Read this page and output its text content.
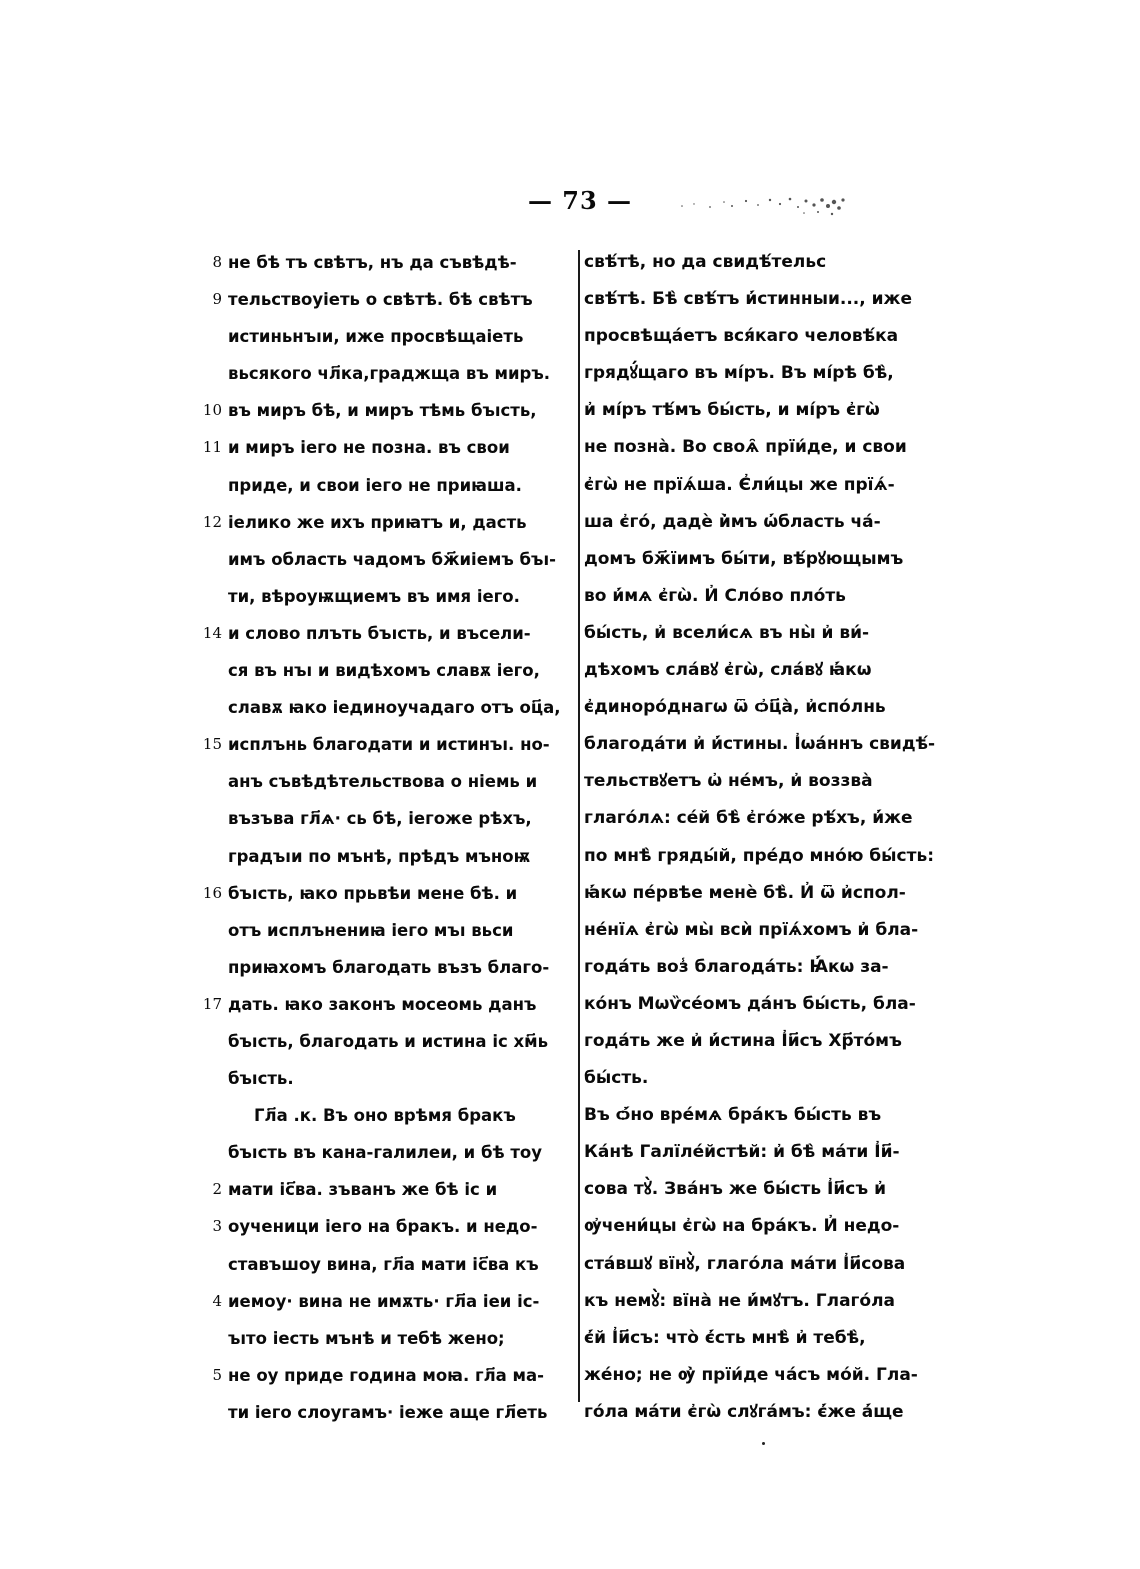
— 73 —
8 не бѣ тъ свѣтъ, нъ да съвѣдѣ-
9 тельствоуіеть о свѣтѣ. бѣ свѣтъ
истиньнъıи, иже просвѣщаіеть
вьсякого чл҃ка,граджща въ миръ.
10 въ миръ бѣ, и миръ тѣмь бъıсть,
11 и миръ іего не позна. въ свои
приде, и свои іего не приꙗша.
12 іелико же ихъ приꙗтъ и, дасть
имъ область чадомъ бж҃иіемъ бъı-
ти, вѣроуѭщиемъ въ имя іего.
14 и слово плъть бъıсть, и въсели-
ся въ нъı и видѣхомъ славѫ іего,
славѫ ꙗко іединоучадаго отъ оц҃а,
15 исплънь благодати и истинъı. но-
анъ съвѣдѣтельствова о ніемь и
възъва гл҃ѧ· сь бѣ, іегоже рѣхъ,
градъıи по мънѣ, прѣдъ мъноѭ
16 бъıсть, ꙗко прьвѣи мене бѣ. и
отъ исплънениꙗ іего мъı вьси
приꙗхомъ благодать възъ благо-
17 дать. ꙗко законъ мосеомь данъ
бъıсть, благодать и истина іс хм҃ь
бъıсть.
Гл҃а .к. Въ оно врѣмя бракъ
бъıсть въ кана-галилеи, и бѣ тоу
2 мати іс҃ва. зъванъ же бѣ іс и
3 оученици іего на бракъ. и недо-
ставъшоу вина, гл҃а мати іс҃ва къ
4 иемоу· вина не имѫть· гл҃а іеи іс-
ъıто іесть мънѣ и тебѣ жено;
5 не оу приде година моꙗ. гл҃а ма-
ти іего слоугамъ· іеже аще гл҃еть
свѣ́тѣ, но да свидѣ́тельс
свѣ́тѣ. Бѣ̀ свѣ́тъ и҆́стинныи..., иже
просвѣща́етъ вся́каго человѣ́ка
грядꙋ́щаго въ мі́ръ. Въ мі́рѣ бѣ̀,
и҆ мі́ръ тѣ́мъ бы́сть, и мі́ръ є҆гѡ̀
не позна̀. Во своѧ̑ прїи́де, и свои
є҆гѡ̀ не прїѧ́ша. Є҆ли́цы же прїѧ́-
ша є҆го́, дадѐ и҆̀мъ ѡ҆́бласть ча́-
домъ бж҃їимъ бы́ти, вѣ́рꙋющымъ
во и҆́мѧ є҆гѡ̀. И҆ Сло́во пло́ть
бы́сть, и҆ всели́сѧ въ ны̀ и҆ ви́-
дѣхомъ сла́вꙋ є҆гѡ̀, сла́вꙋ ꙗ҆́кѡ
є҆диноро́днагѡ ѿ ѻ҆ц҃а̀, и҆спо́лнь
благода́ти и҆ и҆́стины. І҆ѡа́ннъ свидѣ́-
тельствꙋетъ ѡ҆ не́мъ, и҆ воззва̀
глаго́лѧ: се́й бѣ̀ є҆го́же рѣ́хъ, и҆́же
по мнѣ̀ гряды́й, пре́до мно́ю бы́сть:
ꙗ҆́кѡ пе́рвѣе менѐ бѣ̀. И҆ ѿ и҆спол-
не́нїѧ є҆гѡ̀ мы̀ всѝ прїѧ́хомъ и҆ бла-
года́ть воз̾ благода́ть: Ꙗ҆́кѡ за-
ко́нъ Мѡѷсе́омъ да́нъ бы́сть, бла-
года́ть же и҆ и҆́стина І҆и҃съ Хр҃то́мъ
бы́сть.
Въ ѻ҆́но вре́мѧ бра́къ бы́сть въ
Ка́нѣ Галїле́йстѣй: и҆ бѣ̀ ма́ти І҆и҃-
сова тꙋ̀. Зва́нъ же бы́сть І҆и҃съ и҆
ѹ҆чени́цы є҆гѡ̀ на бра́къ. И҆ недо-
ста́вшꙋ вїнꙋ̀, глаго́ла ма́ти І҆и҃сова
къ немꙋ̀: вїна̀ не и҆́мꙋтъ. Глаго́ла
є҆́й І҆и҃съ: что̀ є҆́сть мнѣ̀ и҆ тебѣ̀,
же́но; не ѹ҆̀ прїи́де ча́съ мо́й. Гла-
го́ла ма́ти є҆гѡ̀ слꙋга́мъ: є҆́же а҆́ще
